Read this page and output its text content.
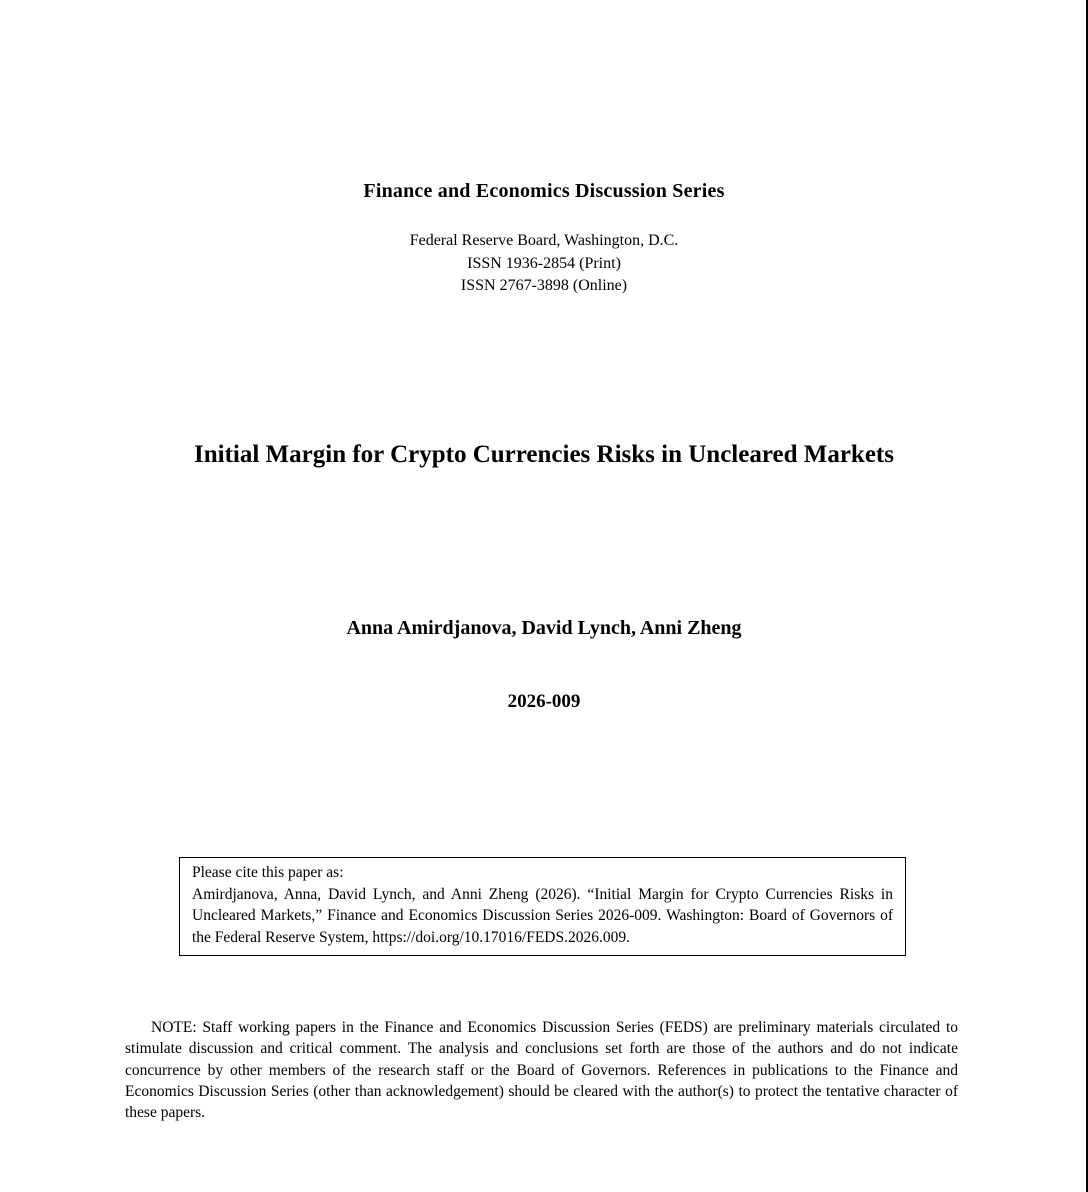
Finance and Economics Discussion Series
Federal Reserve Board, Washington, D.C.
ISSN 1936-2854 (Print)
ISSN 2767-3898 (Online)
Initial Margin for Crypto Currencies Risks in Uncleared Markets
Anna Amirdjanova, David Lynch, Anni Zheng
2026-009
Please cite this paper as:

Amirdjanova, Anna, David Lynch, and Anni Zheng (2026). “Initial Margin for Crypto Currencies Risks in Uncleared Markets,” Finance and Economics Discussion Series 2026-009. Washington: Board of Governors of the Federal Reserve System, https://doi.org/10.17016/FEDS.2026.009.

NOTE: Staff working papers in the Finance and Economics Discussion Series (FEDS) are preliminary materials circulated to stimulate discussion and critical comment. The analysis and conclusions set forth are those of the authors and do not indicate concurrence by other members of the research staff or the Board of Governors. References in publications to the Finance and Economics Discussion Series (other than acknowledgement) should be cleared with the author(s) to protect the tentative character of these papers.
